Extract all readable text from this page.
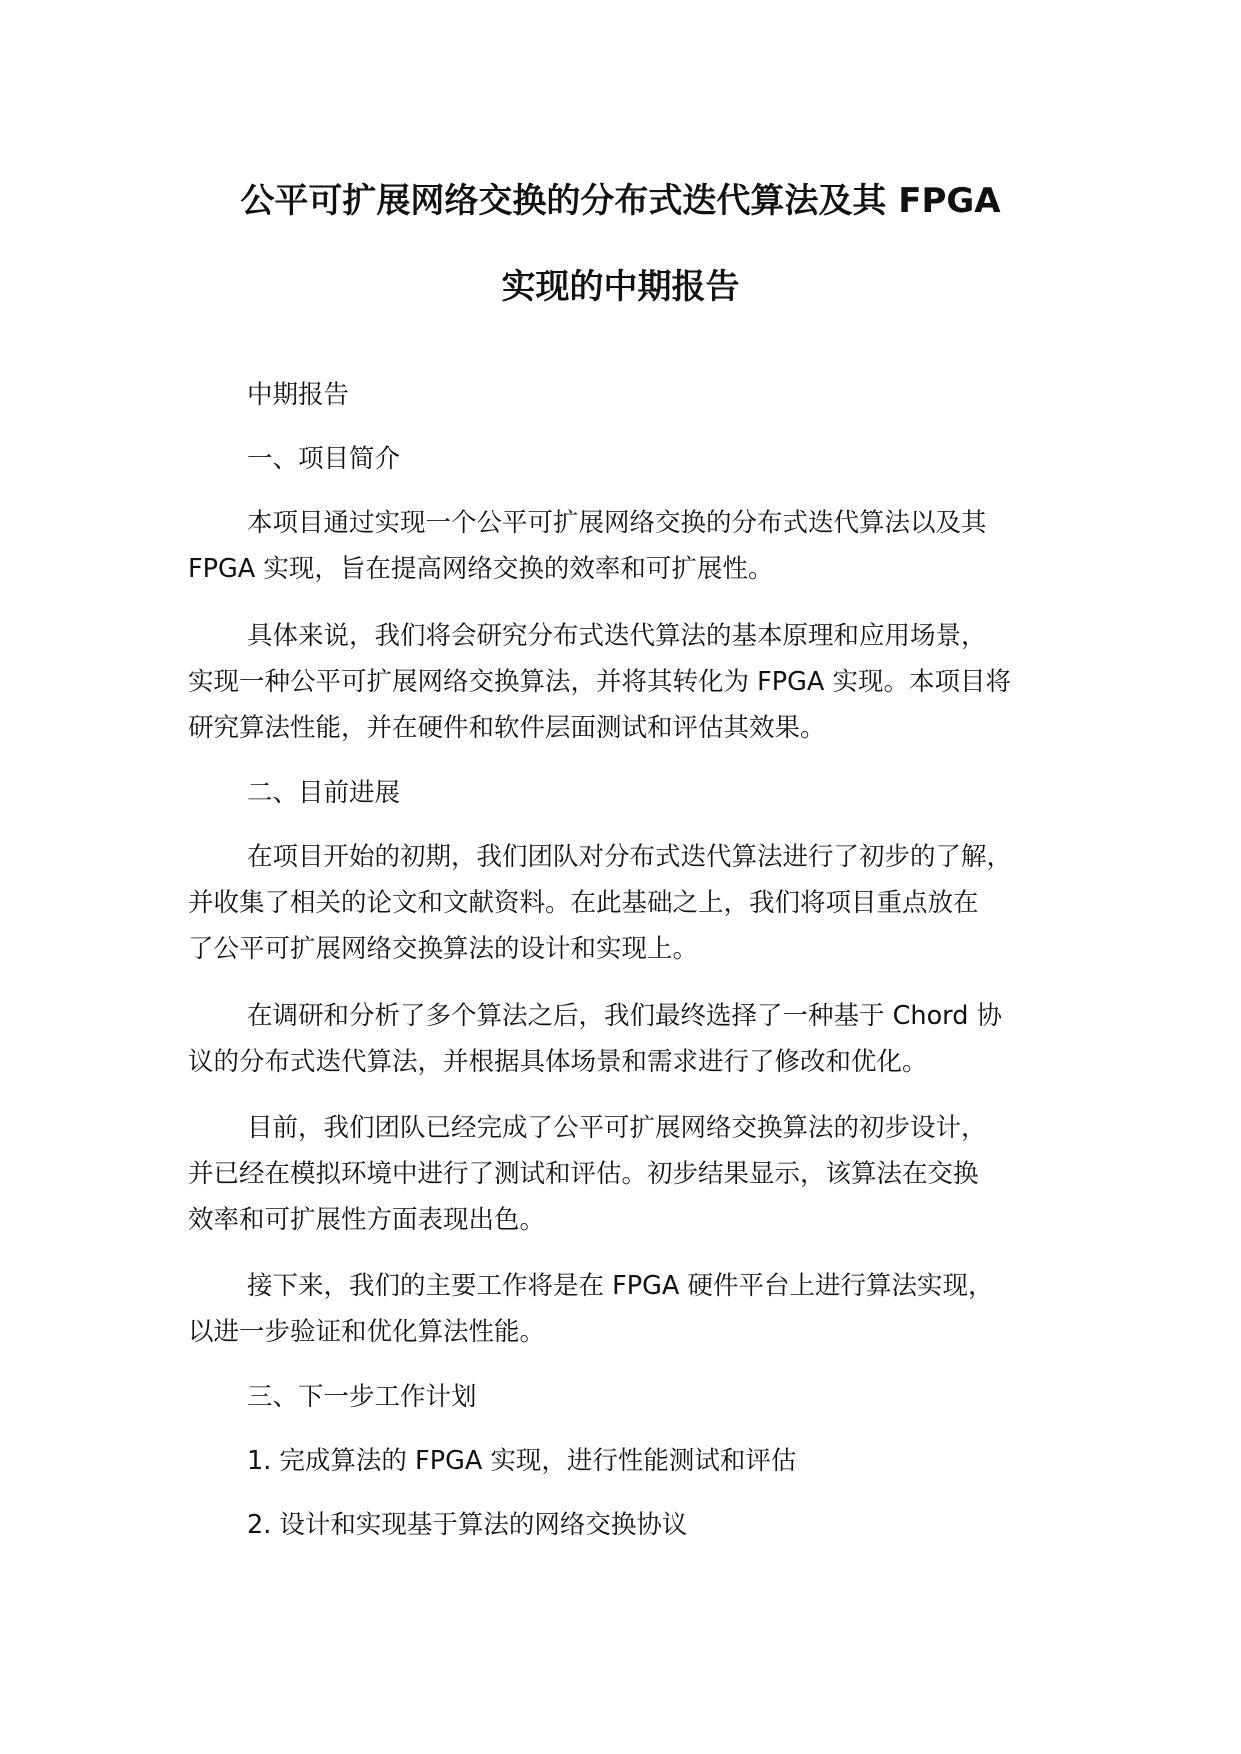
公平可扩展网络交换的分布式迭代算法及其 FPGA
实现的中期报告
中期报告
一、项目简介
本项目通过实现一个公平可扩展网络交换的分布式迭代算法以及其
FPGA 实现，旨在提高网络交换的效率和可扩展性。
具体来说，我们将会研究分布式迭代算法的基本原理和应用场景，
实现一种公平可扩展网络交换算法，并将其转化为 FPGA 实现。本项目将
研究算法性能，并在硬件和软件层面测试和评估其效果。
二、目前进展
在项目开始的初期，我们团队对分布式迭代算法进行了初步的了解，
并收集了相关的论文和文献资料。在此基础之上，我们将项目重点放在
了公平可扩展网络交换算法的设计和实现上。
在调研和分析了多个算法之后，我们最终选择了一种基于 Chord 协
议的分布式迭代算法，并根据具体场景和需求进行了修改和优化。
目前，我们团队已经完成了公平可扩展网络交换算法的初步设计，
并已经在模拟环境中进行了测试和评估。初步结果显示，该算法在交换
效率和可扩展性方面表现出色。
接下来，我们的主要工作将是在 FPGA 硬件平台上进行算法实现，
以进一步验证和优化算法性能。
三、下一步工作计划
1. 完成算法的 FPGA 实现，进行性能测试和评估
2. 设计和实现基于算法的网络交换协议
